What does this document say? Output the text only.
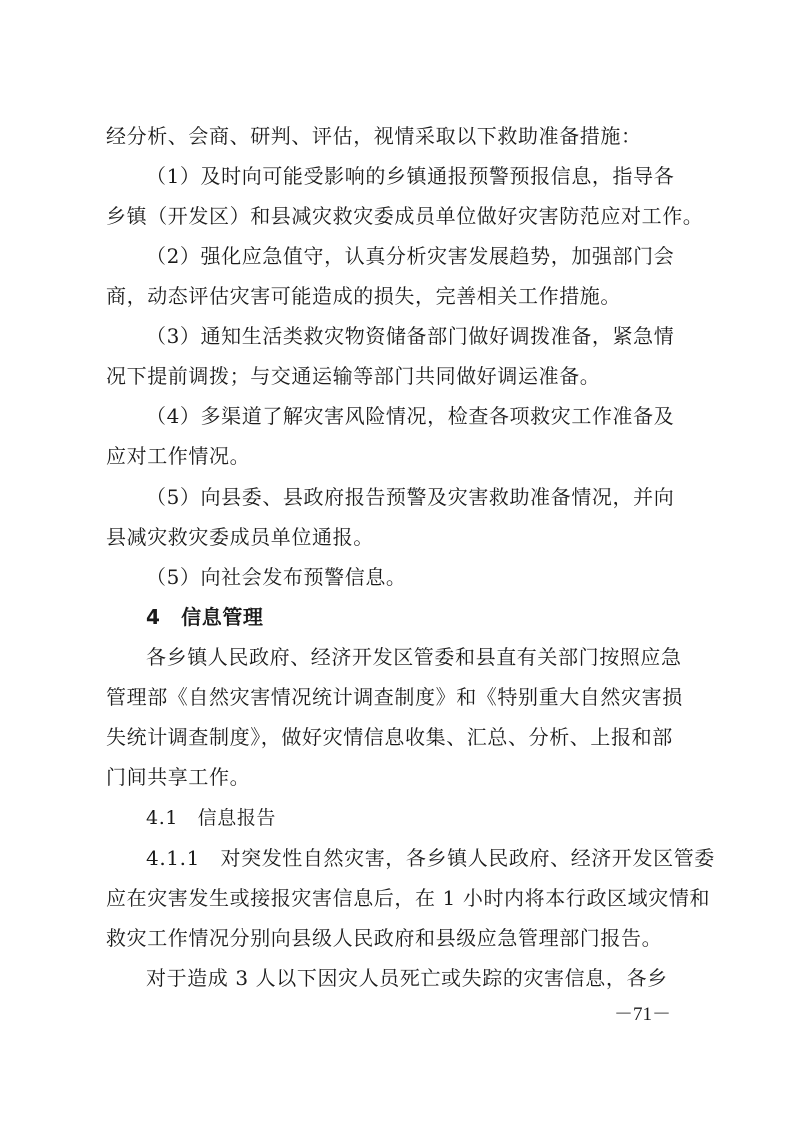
经分析、会商、研判、评估，视情采取以下救助准备措施：
（1）及时向可能受影响的乡镇通报预警预报信息，指导各
乡镇（开发区）和县减灾救灾委成员单位做好灾害防范应对工作。
（2）强化应急值守，认真分析灾害发展趋势，加强部门会
商，动态评估灾害可能造成的损失，完善相关工作措施。
（3）通知生活类救灾物资储备部门做好调拨准备，紧急情
况下提前调拨；与交通运输等部门共同做好调运准备。
（4）多渠道了解灾害风险情况，检查各项救灾工作准备及
应对工作情况。
（5）向县委、县政府报告预警及灾害救助准备情况，并向
县减灾救灾委成员单位通报。
（5）向社会发布预警信息。
4　信息管理
各乡镇人民政府、经济开发区管委和县直有关部门按照应急
管理部《自然灾害情况统计调查制度》和《特别重大自然灾害损
失统计调查制度》，做好灾情信息收集、汇总、分析、上报和部
门间共享工作。
4.1　信息报告
4.1.1　对突发性自然灾害，各乡镇人民政府、经济开发区管委
应在灾害发生或接报灾害信息后，在 1 小时内将本行政区域灾情和
救灾工作情况分别向县级人民政府和县级应急管理部门报告。
对于造成 3 人以下因灾人员死亡或失踪的灾害信息，各乡
－71－
